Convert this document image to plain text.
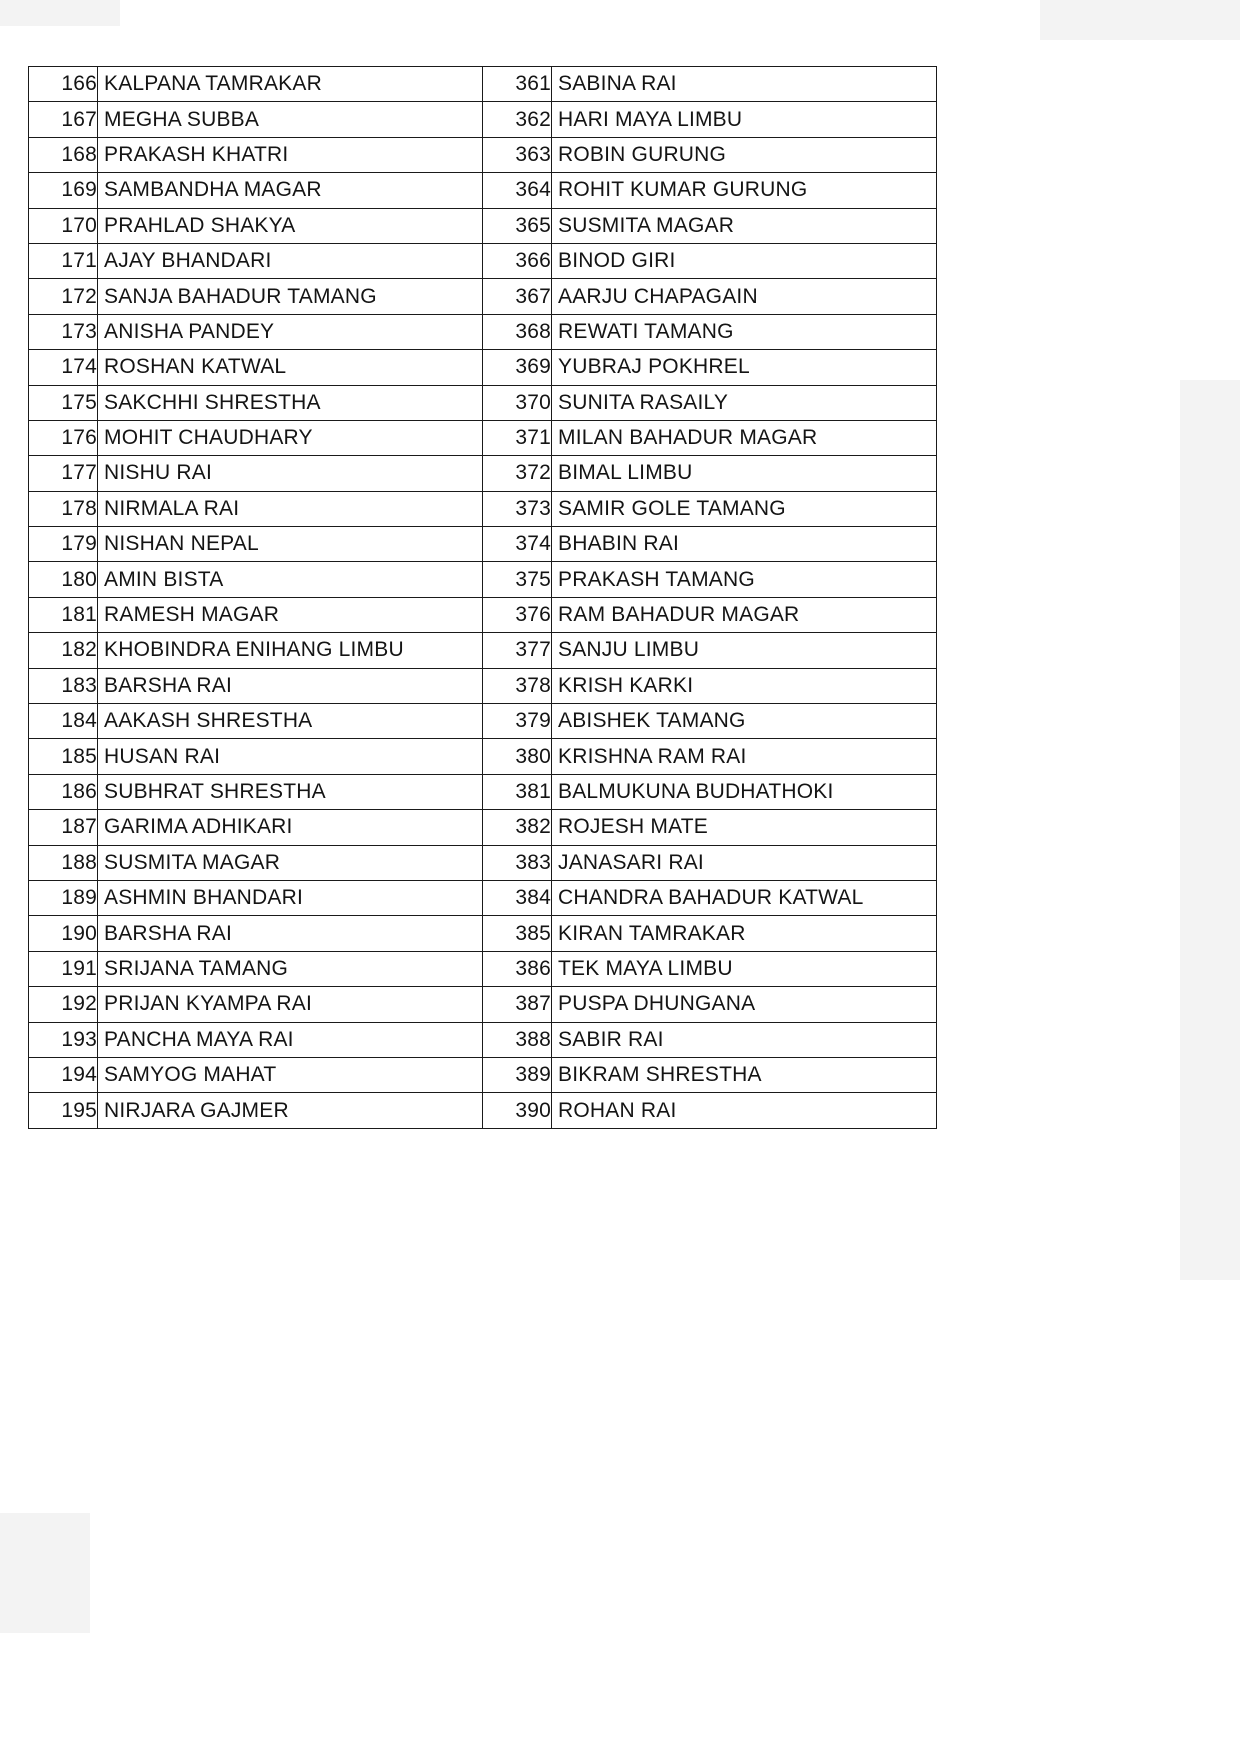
166	KALPANA TAMRAKAR	361	SABINA RAI
167	MEGHA SUBBA	362	HARI MAYA LIMBU
168	PRAKASH KHATRI	363	ROBIN GURUNG
169	SAMBANDHA MAGAR	364	ROHIT KUMAR GURUNG
170	PRAHLAD SHAKYA	365	SUSMITA MAGAR
171	AJAY BHANDARI	366	BINOD GIRI
172	SANJA BAHADUR TAMANG	367	AARJU CHAPAGAIN
173	ANISHA PANDEY	368	REWATI TAMANG
174	ROSHAN KATWAL	369	YUBRAJ POKHREL
175	SAKCHHI SHRESTHA	370	SUNITA RASAILY
176	MOHIT CHAUDHARY	371	MILAN BAHADUR MAGAR
177	NISHU RAI	372	BIMAL LIMBU
178	NIRMALA RAI	373	SAMIR GOLE TAMANG
179	NISHAN NEPAL	374	BHABIN RAI
180	AMIN BISTA	375	PRAKASH TAMANG
181	RAMESH MAGAR	376	RAM BAHADUR MAGAR
182	KHOBINDRA ENIHANG LIMBU	377	SANJU LIMBU
183	BARSHA RAI	378	KRISH KARKI
184	AAKASH SHRESTHA	379	ABISHEK TAMANG
185	HUSAN RAI	380	KRISHNA RAM RAI
186	SUBHRAT SHRESTHA	381	BALMUKUNA BUDHATHOKI
187	GARIMA ADHIKARI	382	ROJESH MATE
188	SUSMITA MAGAR	383	JANASARI RAI
189	ASHMIN BHANDARI	384	CHANDRA BAHADUR KATWAL
190	BARSHA RAI	385	KIRAN TAMRAKAR
191	SRIJANA TAMANG	386	TEK MAYA LIMBU
192	PRIJAN KYAMPA RAI	387	PUSPA DHUNGANA
193	PANCHA MAYA RAI	388	SABIR RAI
194	SAMYOG MAHAT	389	BIKRAM SHRESTHA
195	NIRJARA GAJMER	390	ROHAN RAI
